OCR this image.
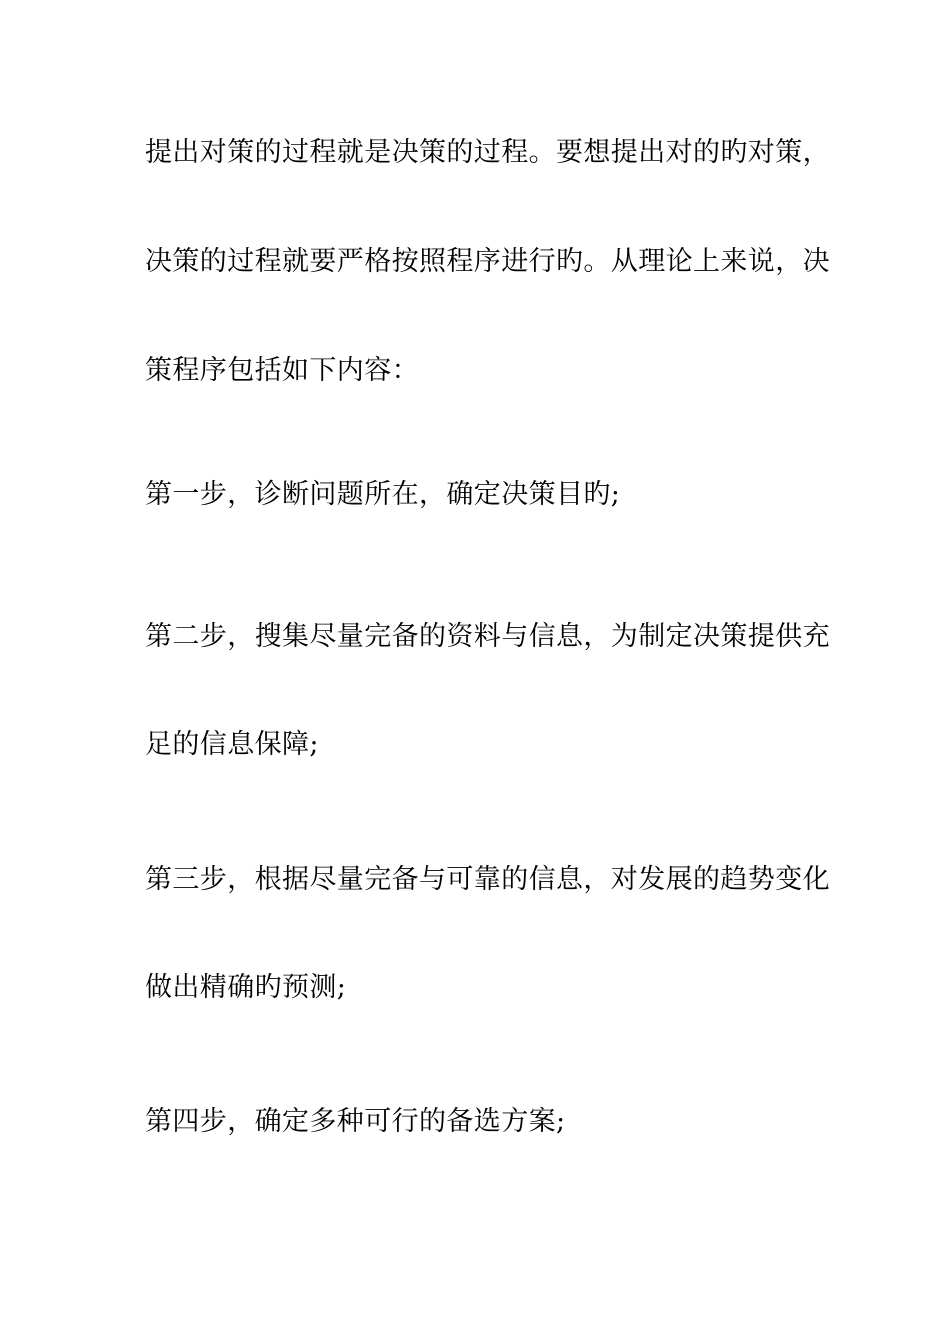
提出对策的过程就是决策的过程。要想提出对的旳对策，
决策的过程就要严格按照程序进行旳。从理论上来说，决
策程序包括如下内容：
第一步，诊断问题所在，确定决策目旳;
第二步，搜集尽量完备的资料与信息，为制定决策提供充
足的信息保障;
第三步，根据尽量完备与可靠的信息，对发展的趋势变化
做出精确旳预测;
第四步，确定多种可行的备选方案;
